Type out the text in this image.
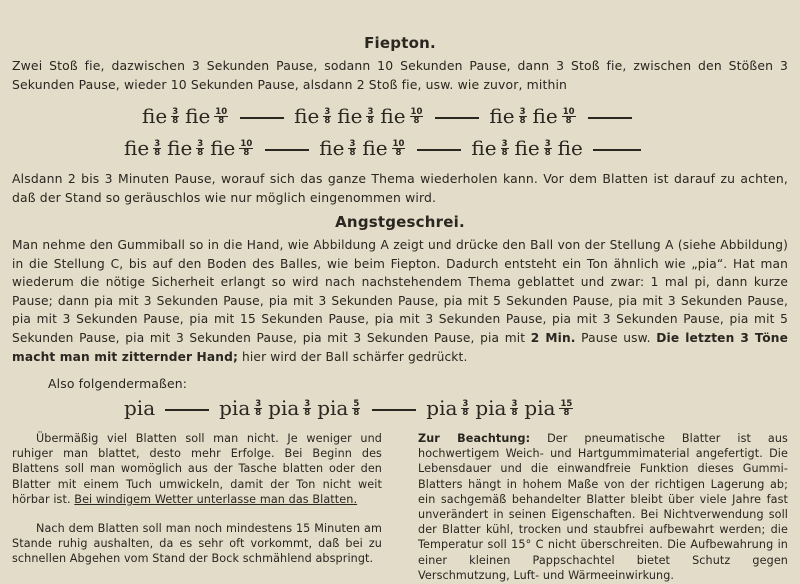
Fiepton.
Zwei Stoß fie, dazwischen 3 Sekunden Pause, sodann 10 Sekunden Pause, dann 3 Stoß fie, zwischen den Stößen 3 Sekunden Pause, wieder 10 Sekunden Pause, alsdann 2 Stoß fie, usw. wie zuvor, mithin
fie $\frac{3}{8}$ fie $\frac{10}{8}$	fie $\frac{3}{8}$ fie $\frac{3}{8}$ fie $\frac{10}{8}$	fie $\frac{3}{8}$ fie $\frac{10}{8}$
fie $\frac{3}{8}$ fie $\frac{3}{8}$ fie $\frac{10}{8}$	fie $\frac{3}{8}$ fie $\frac{10}{8}$	fie $\frac{3}{8}$ fie $\frac{3}{8}$ fie
Alsdann 2 bis 3 Minuten Pause, worauf sich das ganze Thema wiederholen kann. Vor dem Blatten ist darauf zu achten, daß der Stand so geräuschlos wie nur möglich eingenommen wird.
Angstgeschrei.
Man nehme den Gummiball so in die Hand, wie Abbildung A zeigt und drücke den Ball von der Stellung A (siehe Abbildung) in die Stellung C, bis auf den Boden des Balles, wie beim Fiepton. Dadurch entsteht ein Ton ähnlich wie „pia“. Hat man wiederum die nötige Sicherheit erlangt so wird nach nachstehendem Thema geblattet und zwar: 1 mal pi, dann kurze Pause; dann pia mit 3 Sekunden Pause, pia mit 3 Sekunden Pause, pia mit 5 Sekunden Pause, pia mit 3 Sekunden Pause, pia mit 3 Sekunden Pause, pia mit 15 Sekunden Pause, pia mit 3 Sekunden Pause, pia mit 3 Sekunden Pause, pia mit 5 Sekunden Pause, pia mit 3 Sekunden Pause, pia mit 3 Sekunden Pause, pia mit 2 Min. Pause usw. Die letzten 3 Töne macht man mit zitternder Hand; hier wird der Ball schärfer gedrückt.
Also folgendermaßen:
pia	pia $\frac{3}{8}$ pia $\frac{3}{8}$ pia $\frac{5}{8}$	pia $\frac{3}{8}$ pia $\frac{3}{8}$ pia $\frac{15}{8}$
Übermäßig viel Blatten soll man nicht. Je weniger und ruhiger man blattet, desto mehr Erfolge. Bei Beginn des Blattens soll man womöglich aus der Tasche blatten oder den Blatter mit einem Tuch umwickeln, damit der Ton nicht weit hörbar ist. Bei windigem Wetter unterlasse man das Blatten.
Nach dem Blatten soll man noch mindestens 15 Minuten am Stande ruhig aushalten, da es sehr oft vorkommt, daß bei zu schnellen Abgehen vom Stand der Bock schmählend abspringt.
Zur Beachtung: Der pneumatische Blatter ist aus hochwertigem Weich- und Hartgummimaterial angefertigt. Die Lebensdauer und die einwandfreie Funktion dieses Gummi-Blatters hängt in hohem Maße von der richtigen Lagerung ab; ein sachgemäß behandelter Blatter bleibt über viele Jahre fast unverändert in seinen Eigenschaften. Bei Nichtverwendung soll der Blatter kühl, trocken und staubfrei aufbewahrt werden; die Temperatur soll 15° C nicht überschreiten. Die Aufbewahrung in einer kleinen Pappschachtel bietet Schutz gegen Verschmutzung, Luft- und Wärmeeinwirkung.
